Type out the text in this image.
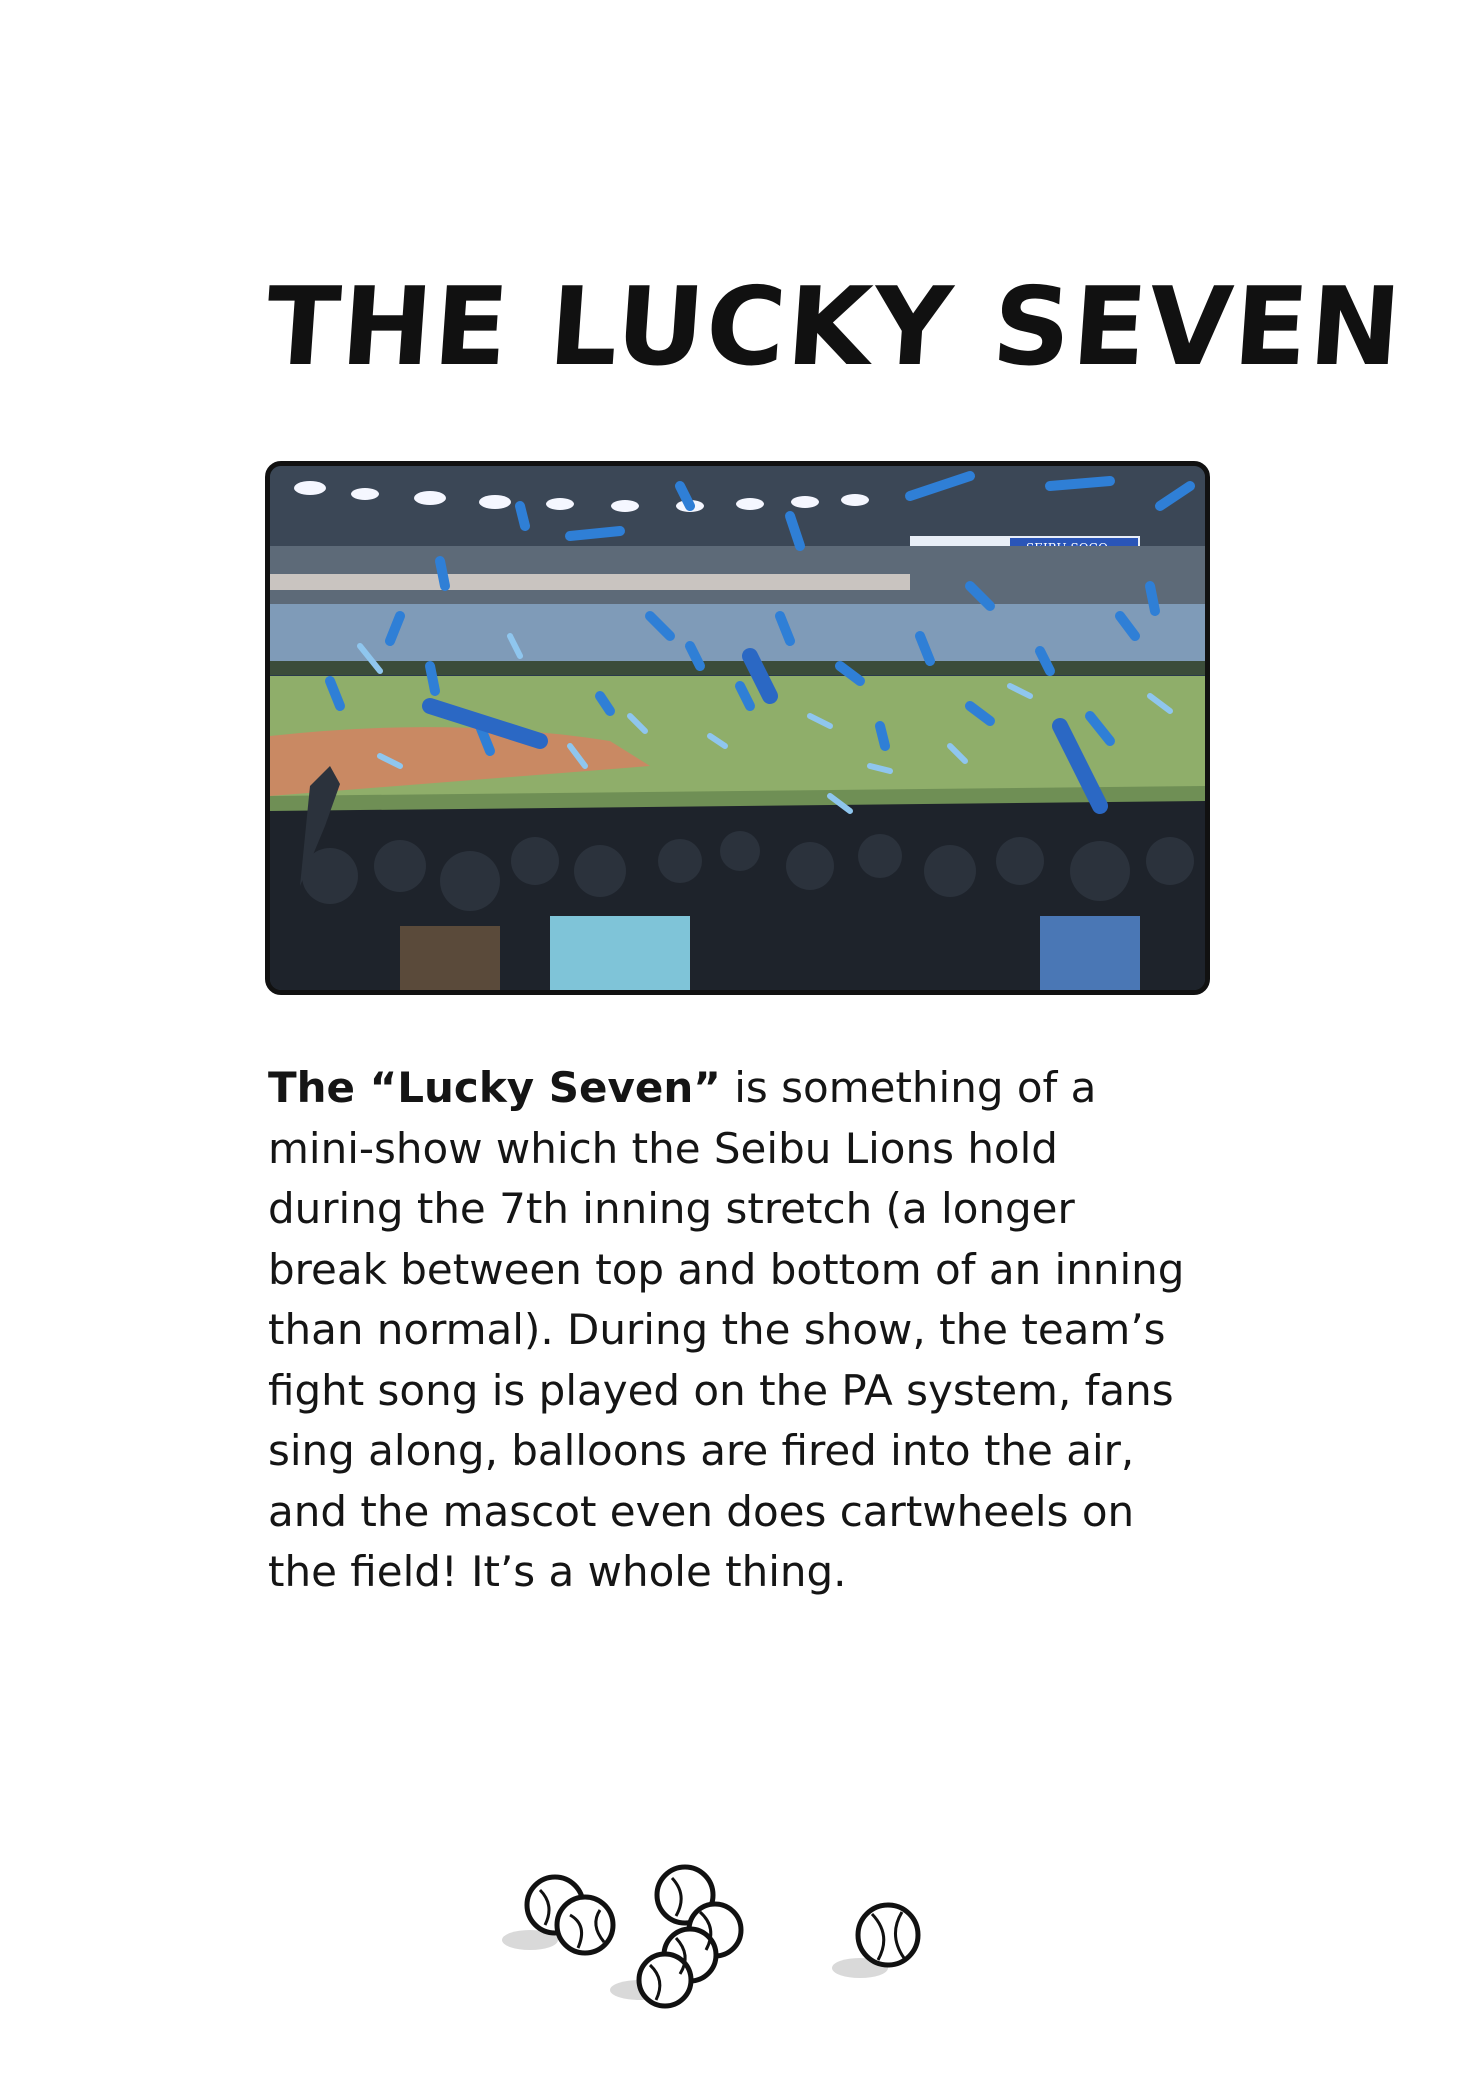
THE LUCKY SEVEN

The “Lucky Seven” is something of a mini-show which the Seibu Lions hold during the 7th inning stretch (a longer break between top and bottom of an inning than normal). During the show, the team’s fight song is played on the PA system, fans sing along, balloons are fired into the air, and the mascot even does cartwheels on the field! It’s a whole thing.
